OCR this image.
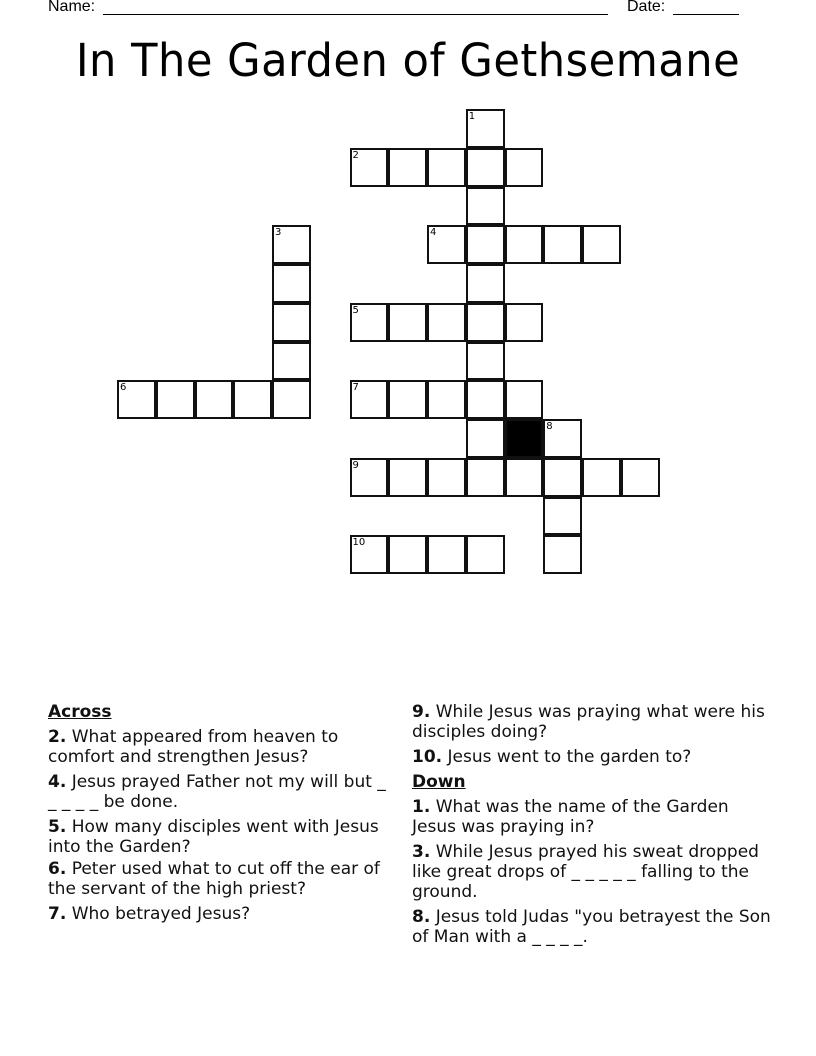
Name:	Date:
In The Garden of Gethsemane
1
2
3	4
5
6	7
8
9
10
Across
2. What appeared from heaven to comfort and strengthen Jesus?
4. Jesus prayed Father not my will but _ _ _ _ _ be done.
5. How many disciples went with Jesus into the Garden?
6. Peter used what to cut off the ear of the servant of the high priest?
7. Who betrayed Jesus?
9. While Jesus was praying what were his disciples doing?
10. Jesus went to the garden to?
Down
1. What was the name of the Garden Jesus was praying in?
3. While Jesus prayed his sweat dropped like great drops of _ _ _ _ _ falling to the ground.
8. Jesus told Judas "you betrayest the Son of Man with a _ _ _ _.
